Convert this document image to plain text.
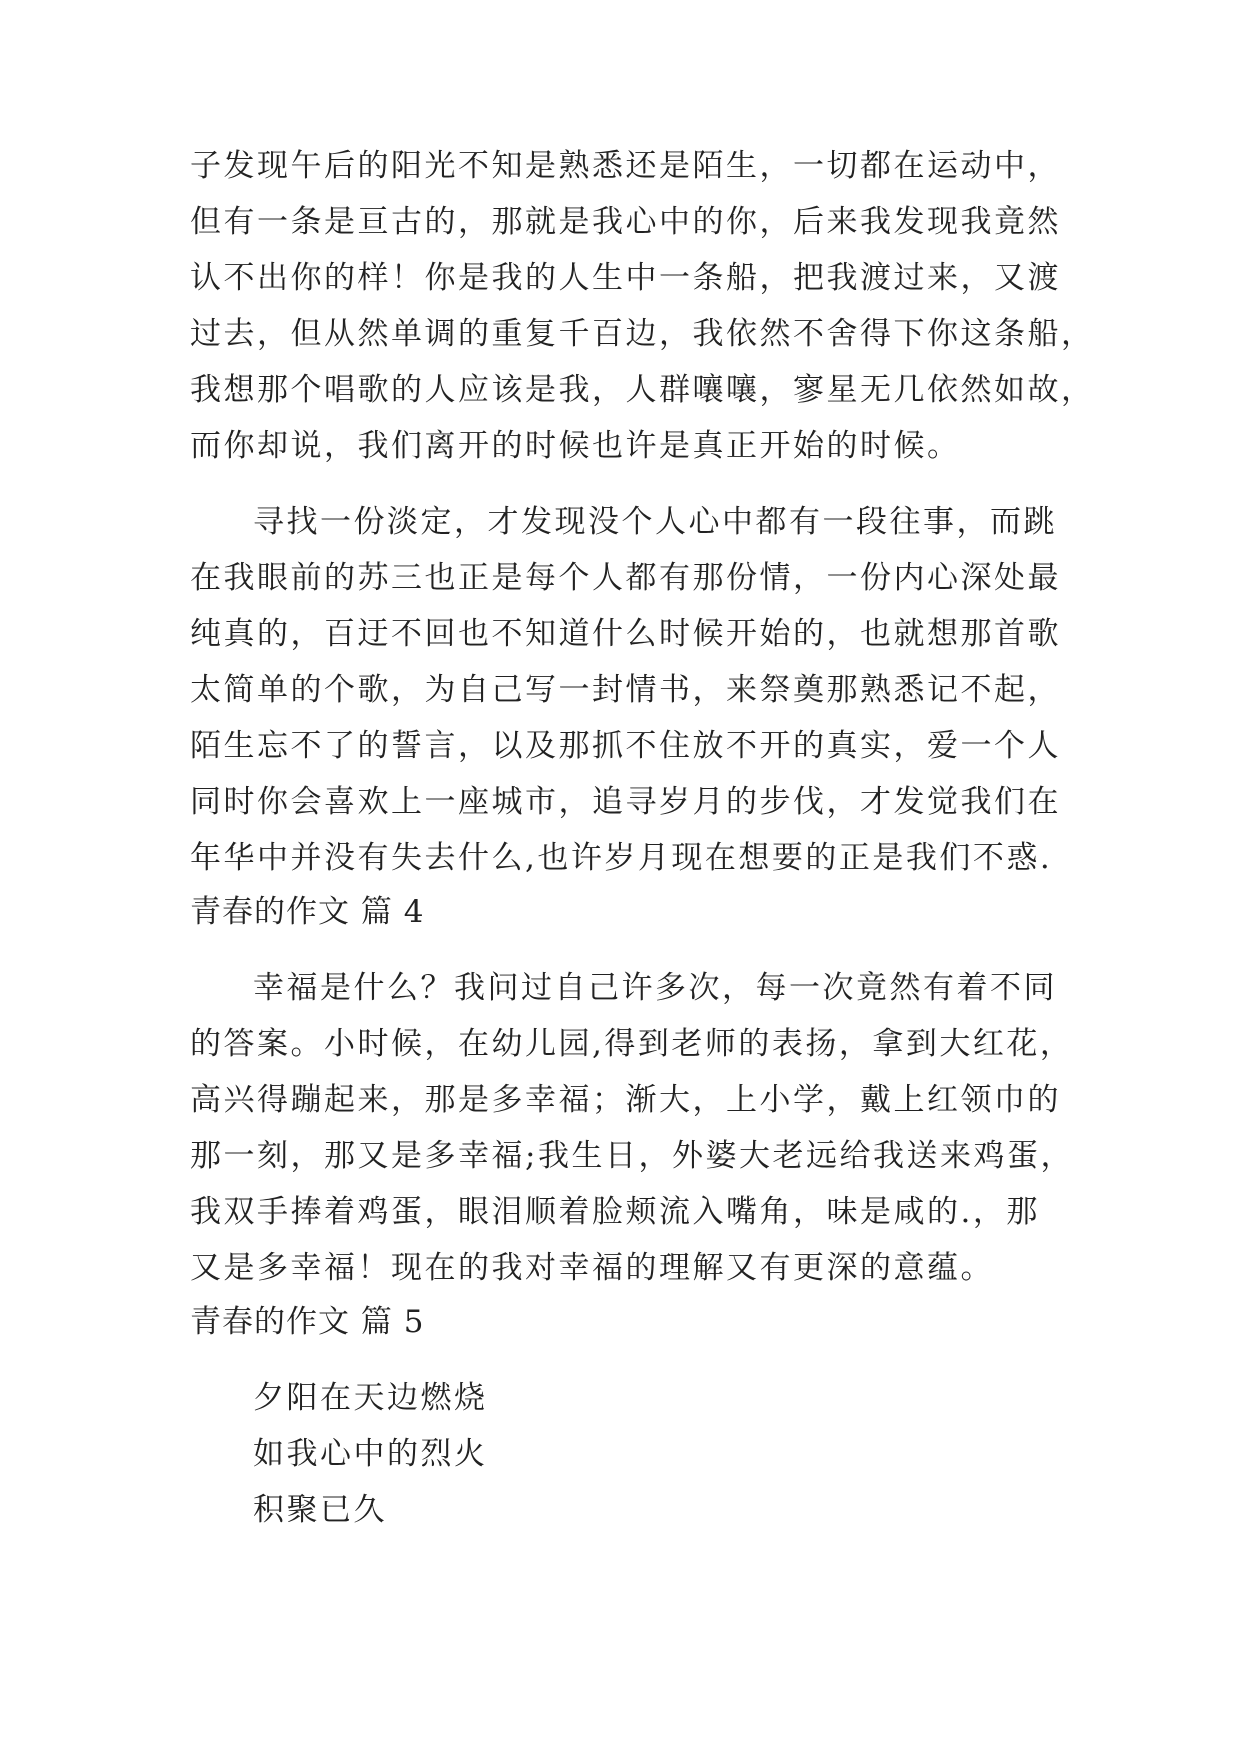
子发现午后的阳光不知是熟悉还是陌生，一切都在运动中，
但有一条是亘古的，那就是我心中的你，后来我发现我竟然
认不出你的样！你是我的人生中一条船，把我渡过来，又渡
过去，但从然单调的重复千百边，我依然不舍得下你这条船，
我想那个唱歌的人应该是我，人群嚷嚷，寥星无几依然如故，
而你却说，我们离开的时候也许是真正开始的时候。
寻找一份淡定，才发现没个人心中都有一段往事，而跳
在我眼前的苏三也正是每个人都有那份情，一份内心深处最
纯真的，百迂不回也不知道什么时候开始的，也就想那首歌
太简单的个歌，为自己写一封情书，来祭奠那熟悉记不起，
陌生忘不了的誓言，以及那抓不住放不开的真实，爱一个人
同时你会喜欢上一座城市，追寻岁月的步伐，才发觉我们在
年华中并没有失去什么,也许岁月现在想要的正是我们不惑.
青春的作文 篇 4
幸福是什么？我问过自己许多次，每一次竟然有着不同
的答案。小时候，在幼儿园,得到老师的表扬，拿到大红花，
高兴得蹦起来，那是多幸福；渐大，上小学，戴上红领巾的
那一刻，那又是多幸福;我生日，外婆大老远给我送来鸡蛋，
我双手捧着鸡蛋，眼泪顺着脸颊流入嘴角，味是咸的.，那
又是多幸福！现在的我对幸福的理解又有更深的意蕴。
青春的作文 篇 5
夕阳在天边燃烧
如我心中的烈火
积聚已久
